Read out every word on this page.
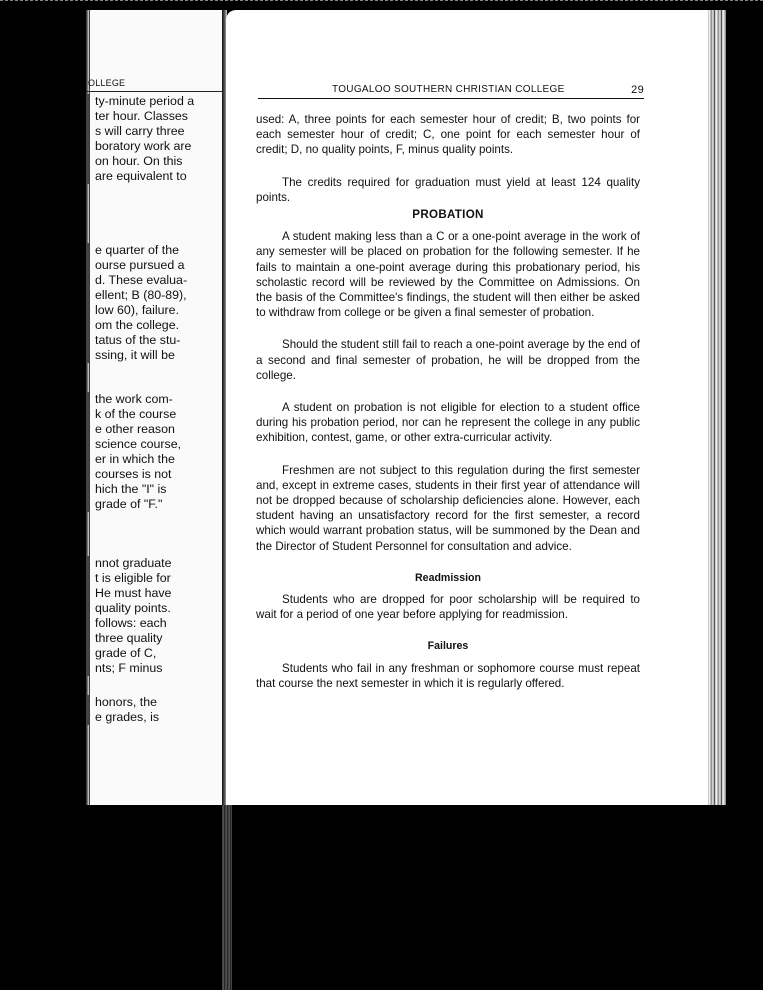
OLLEGE
ty-minute period a
ter hour. Classes
s will carry three
boratory work are
on hour. On this
are equivalent to
e quarter of the
ourse pursued a
d. These evalua-
ellent; B (80-89),
low 60), failure.
om the college.
tatus of the stu-
ssing, it will be
the work com-
k of the course
e other reason
science course,
er in which the
courses is not
hich the "I" is
grade of "F."
nnot graduate
t is eligible for
He must have
quality points.
follows: each
three quality
grade of C,
nts; F minus
honors, the
e grades, is
TOUGALOO SOUTHERN CHRISTIAN COLLEGE	29

used: A, three points for each semester hour of credit; B, two points for each semester hour of credit; C, one point for each semester hour of credit; D, no quality points, F, minus quality points.

The credits required for graduation must yield at least 124 quality points.

PROBATION

A student making less than a C or a one-point average in the work of any semester will be placed on probation for the following semester. If he fails to maintain a one-point average during this probationary period, his scholastic record will be reviewed by the Committee on Admissions. On the basis of the Committee's findings, the student will then either be asked to withdraw from college or be given a final semester of probation.

Should the student still fail to reach a one-point average by the end of a second and final semester of probation, he will be dropped from the college.

A student on probation is not eligible for election to a student office during his probation period, nor can he represent the college in any public exhibition, contest, game, or other extra-curricular activity.

Freshmen are not subject to this regulation during the first semester and, except in extreme cases, students in their first year of attendance will not be dropped because of scholarship deficiencies alone. However, each student having an unsatisfactory record for the first semester, a record which would warrant probation status, will be summoned by the Dean and the Director of Student Personnel for consultation and advice.

Readmission

Students who are dropped for poor scholarship will be required to wait for a period of one year before applying for readmission.

Failures

Students who fail in any freshman or sophomore course must repeat that course the next semester in which it is regularly offered.
